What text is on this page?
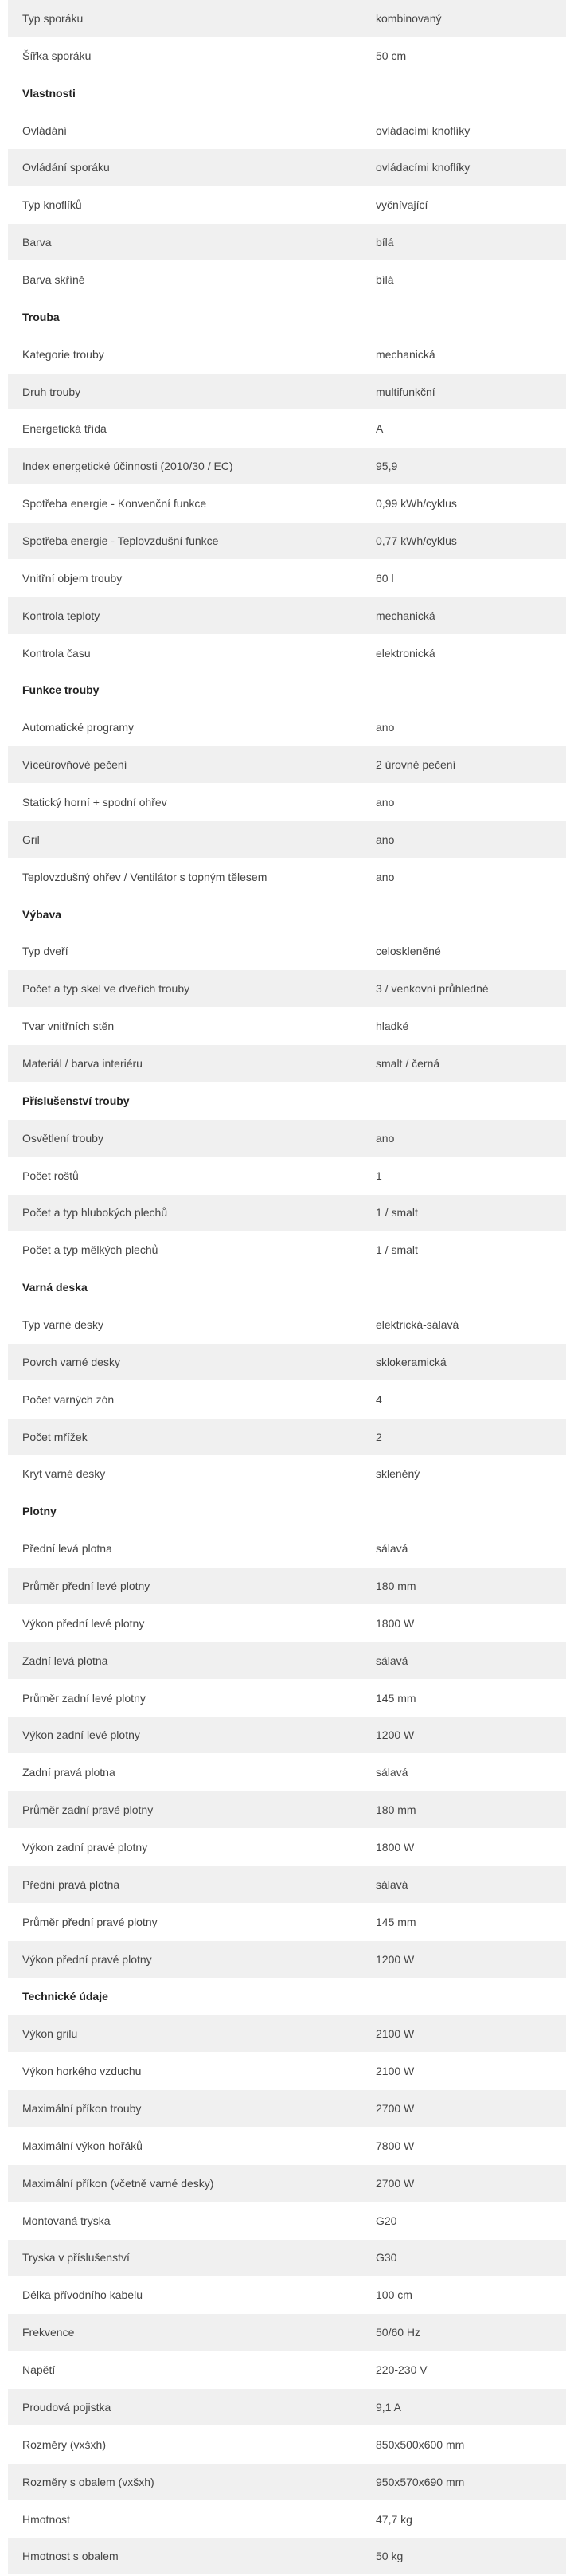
Typ sporáku	kombinovaný
Šířka sporáku	50 cm
Vlastnosti
Ovládání	ovládacími knoflíky
Ovládání sporáku	ovládacími knoflíky
Typ knoflíků	vyčnívající
Barva	bílá
Barva skříně	bílá
Trouba
Kategorie trouby	mechanická
Druh trouby	multifunkční
Energetická třída	A
Index energetické účinnosti (2010/30 / EC)	95,9
Spotřeba energie - Konvenční funkce	0,99 kWh/cyklus
Spotřeba energie - Teplovzdušní funkce	0,77 kWh/cyklus
Vnitřní objem trouby	60 l
Kontrola teploty	mechanická
Kontrola času	elektronická
Funkce trouby
Automatické programy	ano
Víceúrovňové pečení	2 úrovně pečení
Statický horní + spodní ohřev	ano
Gril	ano
Teplovzdušný ohřev / Ventilátor s topným tělesem	ano
Výbava
Typ dveří	celoskleněné
Počet a typ skel ve dveřích trouby	3 / venkovní průhledné
Tvar vnitřních stěn	hladké
Materiál / barva interiéru	smalt / černá
Příslušenství trouby
Osvětlení trouby	ano
Počet roštů	1
Počet a typ hlubokých plechů	1 / smalt
Počet a typ mělkých plechů	1 / smalt
Varná deska
Typ varné desky	elektrická-sálavá
Povrch varné desky	sklokeramická
Počet varných zón	4
Počet mřížek	2
Kryt varné desky	skleněný
Plotny
Přední levá plotna	sálavá
Průměr přední levé plotny	180 mm
Výkon přední levé plotny	1800 W
Zadní levá plotna	sálavá
Průměr zadní levé plotny	145 mm
Výkon zadní levé plotny	1200 W
Zadní pravá plotna	sálavá
Průměr zadní pravé plotny	180 mm
Výkon zadní pravé plotny	1800 W
Přední pravá plotna	sálavá
Průměr přední pravé plotny	145 mm
Výkon přední pravé plotny	1200 W
Technické údaje
Výkon grilu	2100 W
Výkon horkého vzduchu	2100 W
Maximální příkon trouby	2700 W
Maximální výkon hořáků	7800 W
Maximální příkon (včetně varné desky)	2700 W
Montovaná tryska	G20
Tryska v příslušenství	G30
Délka přívodního kabelu	100 cm
Frekvence	50/60 Hz
Napětí	220-230 V
Proudová pojistka	9,1 A
Rozměry (vxšxh)	850x500x600 mm
Rozměry s obalem (vxšxh)	950x570x690 mm
Hmotnost	47,7 kg
Hmotnost s obalem	50 kg
